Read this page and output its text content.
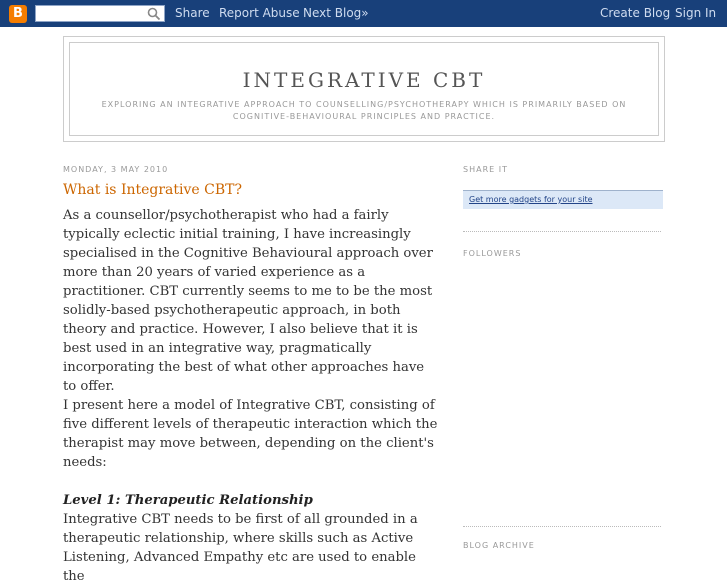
B	Share Report Abuse Next Blog»	Create Blog Sign In
INTEGRATIVE CBT
EXPLORING AN INTEGRATIVE APPROACH TO COUNSELLING/PSYCHOTHERAPY WHICH IS PRIMARILY BASED ON COGNITIVE-BEHAVIOURAL PRINCIPLES AND PRACTICE.
MONDAY, 3 MAY 2010
What is Integrative CBT?

As a counsellor/psychotherapist who had a fairly typically eclectic initial training, I have increasingly specialised in the Cognitive Behavioural approach over more than 20 years of varied experience as a practitioner. CBT currently seems to me to be the most solidly-based psychotherapeutic approach, in both theory and practice. However, I also believe that it is best used in an integrative way, pragmatically incorporating the best of what other approaches have to offer.

I present here a model of Integrative CBT, consisting of five different levels of therapeutic interaction which the therapist may move between, depending on the client's needs:

Level 1: Therapeutic Relationship

Integrative CBT needs to be first of all grounded in a therapeutic relationship, where skills such as Active Listening, Advanced Empathy etc are used to enable the

SHARE IT
Get more gadgets for your site
FOLLOWERS
BLOG ARCHIVE
